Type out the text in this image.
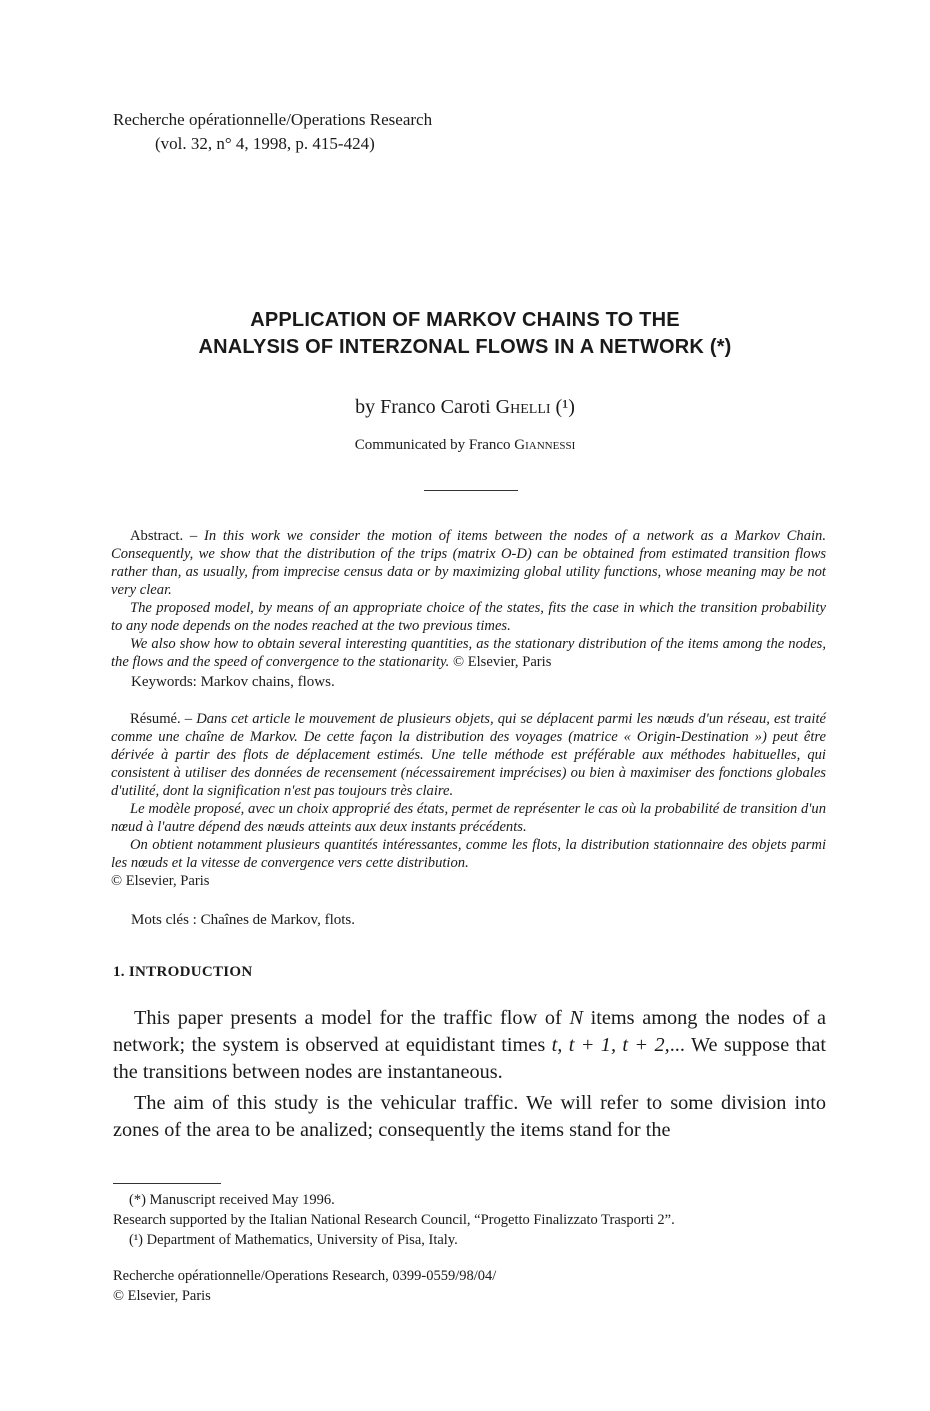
Recherche opérationnelle/Operations Research
(vol. 32, n° 4, 1998, p. 415-424)
APPLICATION OF MARKOV CHAINS TO THE
ANALYSIS OF INTERZONAL FLOWS IN A NETWORK (*)
by Franco Caroti Ghelli (¹)
Communicated by Franco Giannessi

Abstract. – In this work we consider the motion of items between the nodes of a network as a Markov Chain. Consequently, we show that the distribution of the trips (matrix O-D) can be obtained from estimated transition flows rather than, as usually, from imprecise census data or by maximizing global utility functions, whose meaning may be not very clear.

The proposed model, by means of an appropriate choice of the states, fits the case in which the transition probability to any node depends on the nodes reached at the two previous times.

We also show how to obtain several interesting quantities, as the stationary distribution of the items among the nodes, the flows and the speed of convergence to the stationarity. © Elsevier, Paris

Keywords: Markov chains, flows.

Résumé. – Dans cet article le mouvement de plusieurs objets, qui se déplacent parmi les nœuds d'un réseau, est traité comme une chaîne de Markov. De cette façon la distribution des voyages (matrice « Origin-Destination ») peut être dérivée à partir des flots de déplacement estimés. Une telle méthode est préférable aux méthodes habituelles, qui consistent à utiliser des données de recensement (nécessairement imprécises) ou bien à maximiser des fonctions globales d'utilité, dont la signification n'est pas toujours très claire.

Le modèle proposé, avec un choix approprié des états, permet de représenter le cas où la probabilité de transition d'un nœud à l'autre dépend des nœuds atteints aux deux instants précédents.

On obtient notamment plusieurs quantités intéressantes, comme les flots, la distribution stationnaire des objets parmi les nœuds et la vitesse de convergence vers cette distribution.

© Elsevier, Paris
Mots clés : Chaînes de Markov, flots.
1. INTRODUCTION

This paper presents a model for the traffic flow of N items among the nodes of a network; the system is observed at equidistant times t, t + 1, t + 2,... We suppose that the transitions between nodes are instantaneous.

The aim of this study is the vehicular traffic. We will refer to some division into zones of the area to be analized; consequently the items stand for the

(*) Manuscript received May 1996.
Research supported by the Italian National Research Council, “Progetto Finalizzato Trasporti 2”.
(¹) Department of Mathematics, University of Pisa, Italy.
Recherche opérationnelle/Operations Research, 0399-0559/98/04/
© Elsevier, Paris
